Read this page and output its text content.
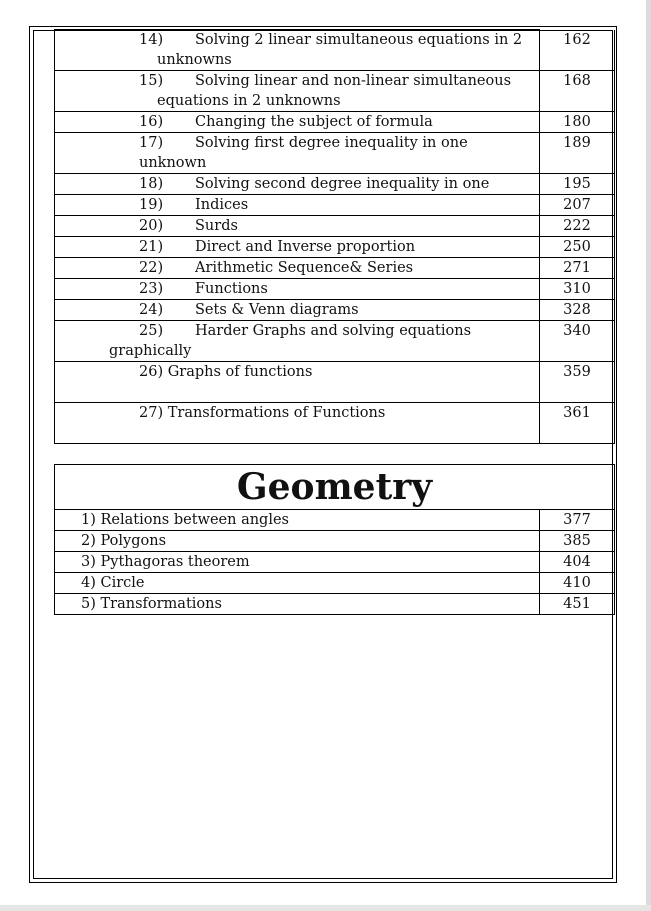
14) Solving 2 linear simultaneous equations in 2
unknowns	162
15) Solving linear and non-linear simultaneous
equations in 2 unknowns	168
16) Changing the subject of formula	180
17) Solving first degree inequality in one unknown	189
18) Solving second degree inequality in one	195
19) Indices	207
20) Surds	222
21) Direct and Inverse proportion	250
22) Arithmetic Sequence& Series	271
23) Functions	310
24) Sets & Venn diagrams	328
25) Harder Graphs and solving equations
graphically	340
26) Graphs of functions	359
27) Transformations of Functions	361
Geometry	
1) Relations between angles	377
2) Polygons	385
3) Pythagoras theorem	404
4) Circle	410
5) Transformations	451
